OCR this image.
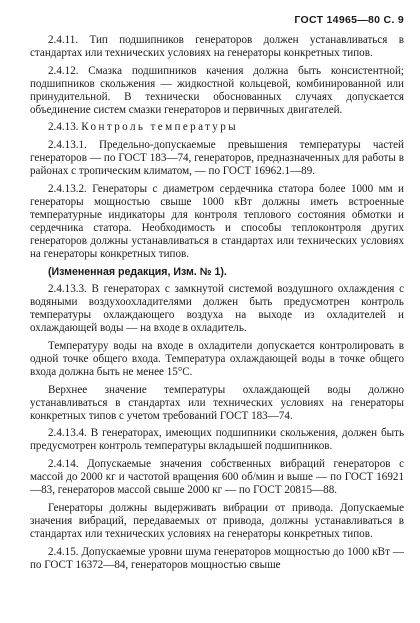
ГОСТ 14965—80 С. 9

2.4.11. Тип подшипников генераторов должен устанавливаться в стандартах или технических условиях на генераторы конкретных типов.

2.4.12. Смазка подшипников качения должна быть консистентной; подшипников скольжения — жидкостной кольцевой, комбинированной или принудительной. В технически обоснованных случаях допускается объединение систем смазки генераторов и первичных двигателей.

2.4.13. Контроль температуры

2.4.13.1. Предельно-допускаемые превышения температуры частей генераторов — по ГОСТ 183—74, генераторов, предназначенных для работы в районах с тропическим климатом, — по ГОСТ 16962.1—89.

2.4.13.2. Генераторы с диаметром сердечника статора более 1000 мм и генераторы мощностью свыше 1000 кВт должны иметь встроенные температурные индикаторы для контроля теплового состояния обмотки и сердечника статора. Необходимость и способы теплоконтроля других генераторов должны устанавливаться в стандартах или технических условиях на генераторы конкретных типов.

(Измененная редакция, Изм. № 1).

2.4.13.3. В генераторах с замкнутой системой воздушного охлаждения с водяными воздухоохладителями должен быть предусмотрен контроль температуры охлаждающего воздуха на выходе из охладителей и охлаждающей воды — на входе в охладитель.

Температуру воды на входе в охладители допускается контролировать в одной точке общего входа. Температура охлаждающей воды в точке общего входа должна быть не менее 15°С.

Верхнее значение температуры охлаждающей воды должно устанавливаться в стандартах или технических условиях на генераторы конкретных типов с учетом требований ГОСТ 183—74.

2.4.13.4. В генераторах, имеющих подшипники скольжения, должен быть предусмотрен контроль температуры вкладышей подшипников.

2.4.14. Допускаемые значения собственных вибраций генераторов с массой до 2000 кг и частотой вращения 600 об/мин и выше — по ГОСТ 16921—83, генераторов массой свыше 2000 кг — по ГОСТ 20815—88.

Генераторы должны выдерживать вибрации от привода. Допускаемые значения вибраций, передаваемых от привода, должны устанавливаться в стандартах или технических условиях на генераторы конкретных типов.

2.4.15. Допускаемые уровни шума генераторов мощностью до 1000 кВт — по ГОСТ 16372—84, генераторов мощностью свыше
